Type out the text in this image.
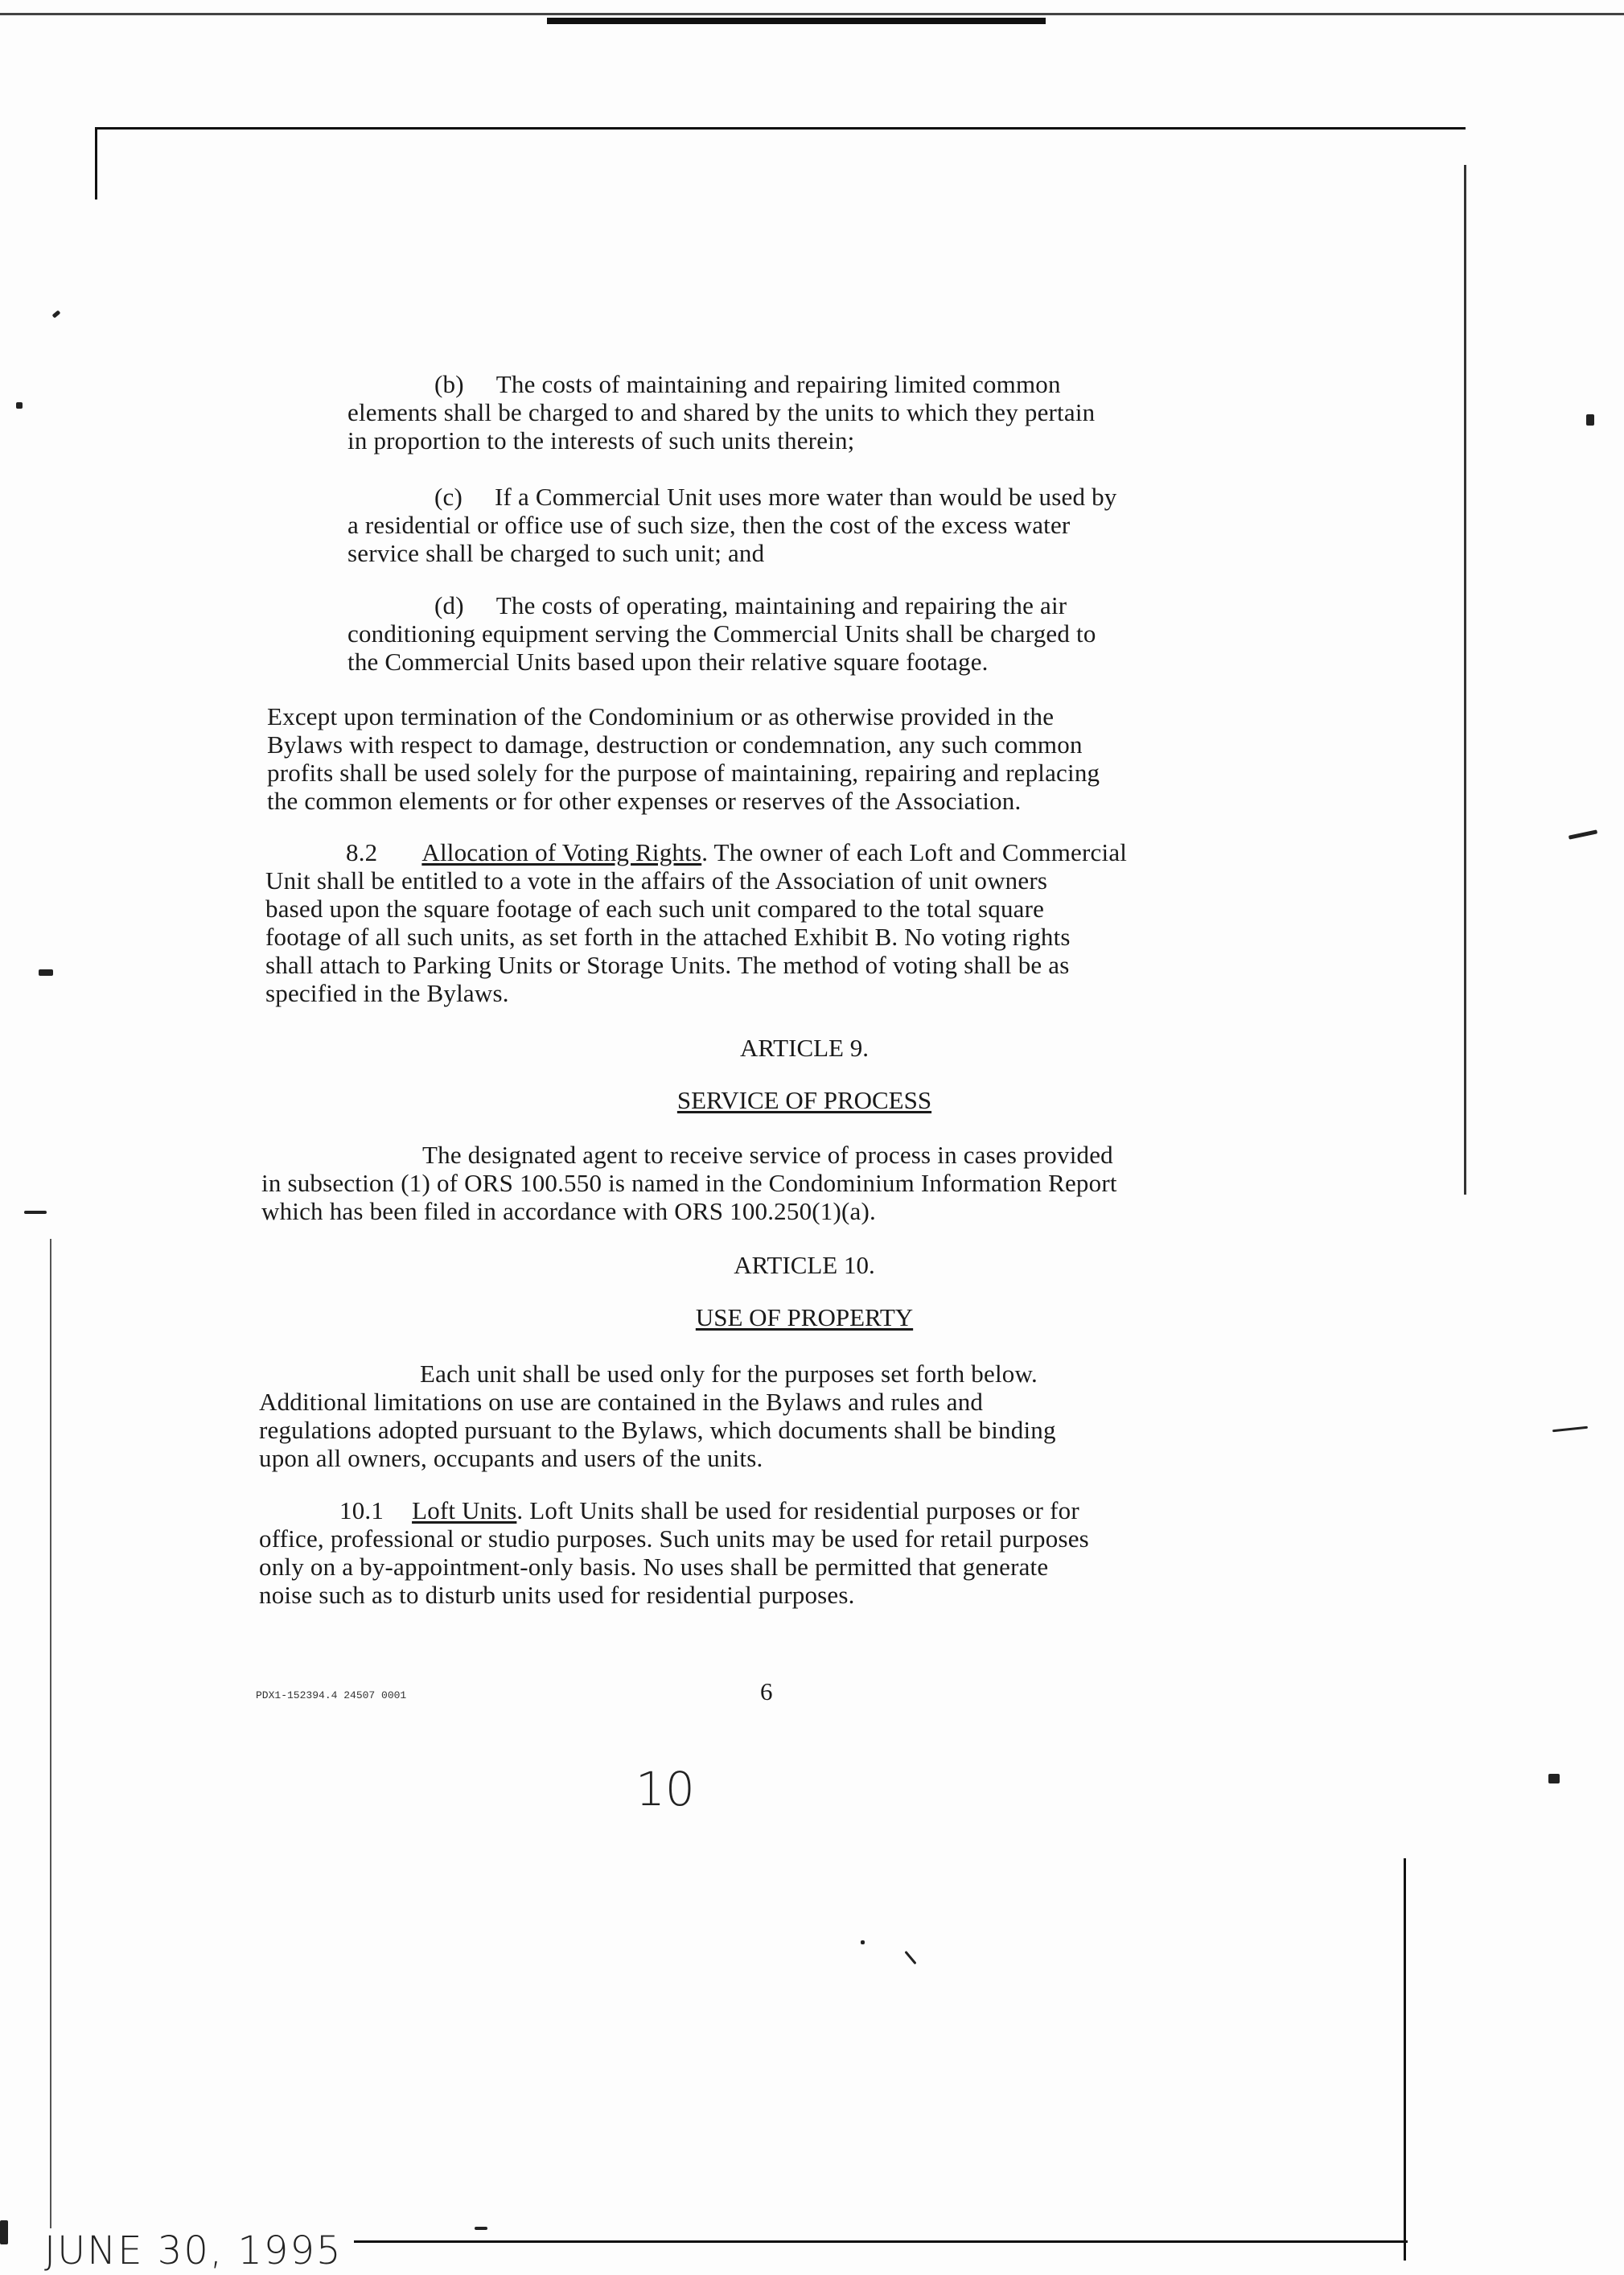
(b) The costs of maintaining and repairing limited common

elements shall be charged to and shared by the units to which they pertain

in proportion to the interests of such units therein;

(c) If a Commercial Unit uses more water than would be used by

a residential or office use of such size, then the cost of the excess water

service shall be charged to such unit; and

(d) The costs of operating, maintaining and repairing the air

conditioning equipment serving the Commercial Units shall be charged to

the Commercial Units based upon their relative square footage.

Except upon termination of the Condominium or as otherwise provided in the

Bylaws with respect to damage, destruction or condemnation, any such common

profits shall be used solely for the purpose of maintaining, repairing and replacing

the common elements or for other expenses or reserves of the Association.

8.2 Allocation of Voting Rights. The owner of each Loft and Commercial

Unit shall be entitled to a vote in the affairs of the Association of unit owners

based upon the square footage of each such unit compared to the total square

footage of all such units, as set forth in the attached Exhibit B. No voting rights

shall attach to Parking Units or Storage Units. The method of voting shall be as

specified in the Bylaws.

ARTICLE 9.
SERVICE OF PROCESS

The designated agent to receive service of process in cases provided

in subsection (1) of ORS 100.550 is named in the Condominium Information Report

which has been filed in accordance with ORS 100.250(1)(a).

ARTICLE 10.
USE OF PROPERTY

Each unit shall be used only for the purposes set forth below.

Additional limitations on use are contained in the Bylaws and rules and

regulations adopted pursuant to the Bylaws, which documents shall be binding

upon all owners, occupants and users of the units.

10.1 Loft Units. Loft Units shall be used for residential purposes or for

office, professional or studio purposes. Such units may be used for retail purposes

only on a by-appointment-only basis. No uses shall be permitted that generate

noise such as to disturb units used for residential purposes.

PDX1-152394.4 24507 0001	6
10
JUNE 30, 1995
